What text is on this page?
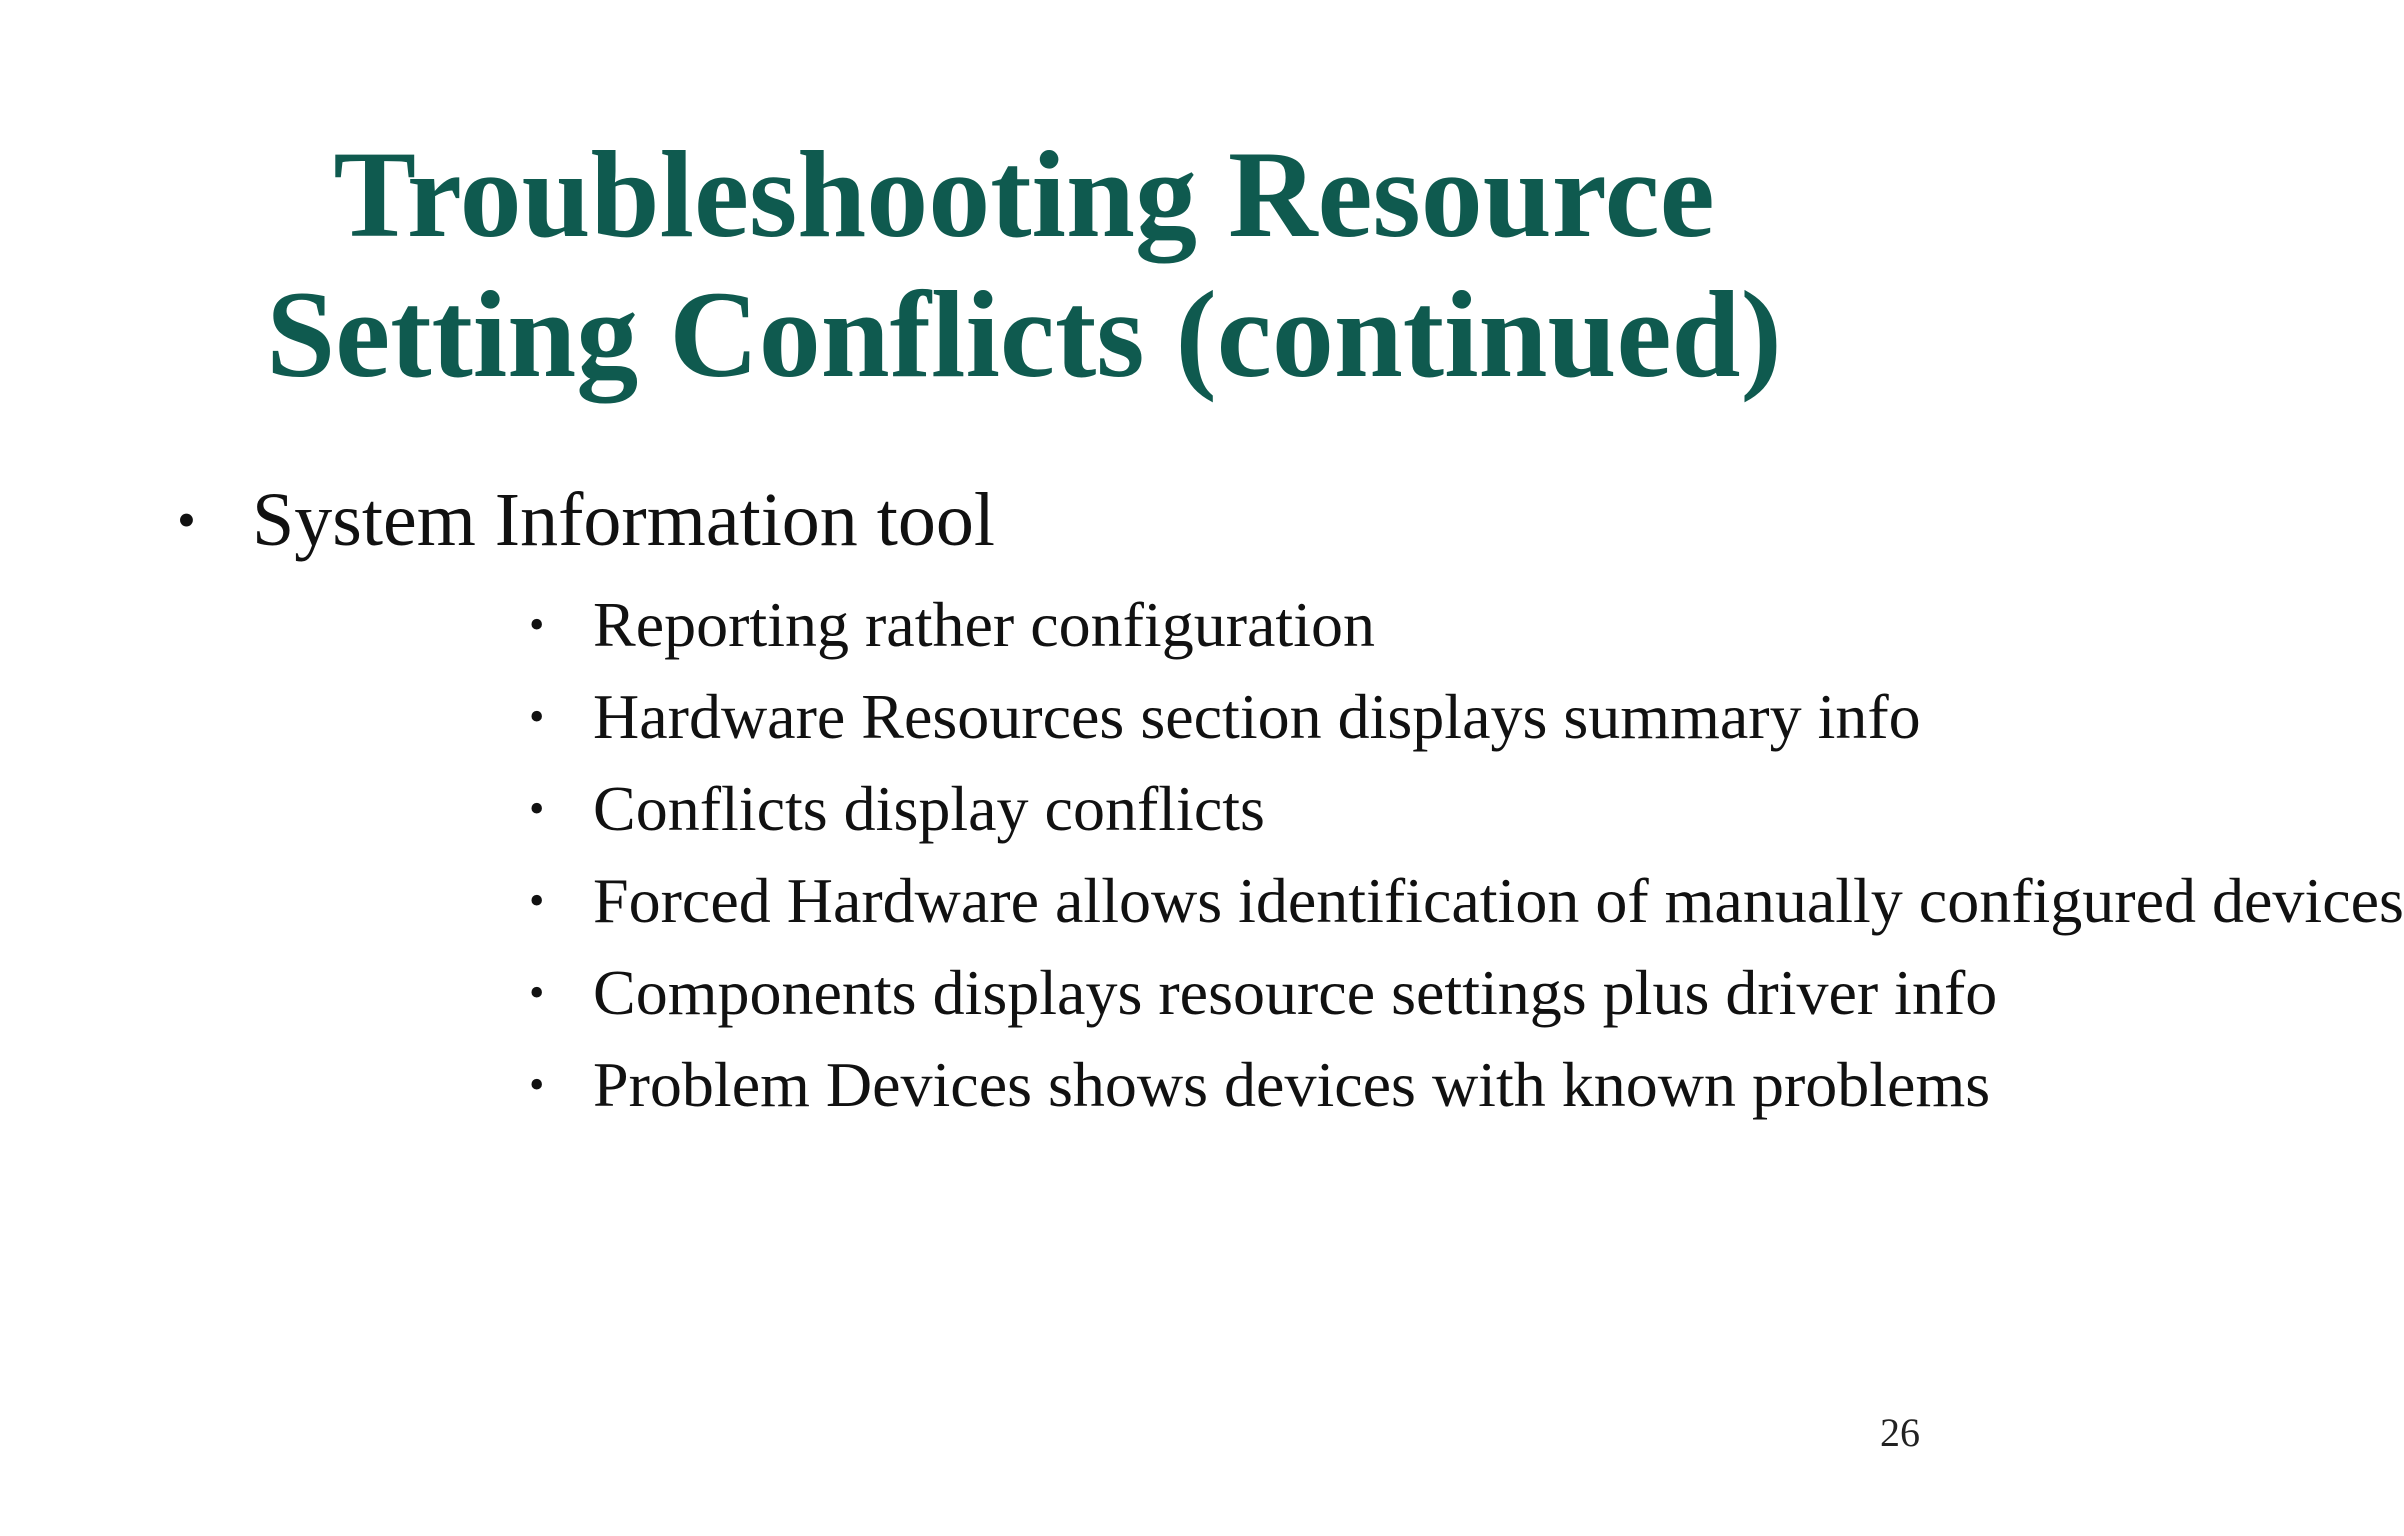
Troubleshooting Resource
Setting Conflicts (continued)
• System Information tool
• Reporting rather configuration
• Hardware Resources section displays summary info
• Conflicts display conflicts
• Forced Hardware allows identification of manually configured devices
• Components displays resource settings plus driver info
• Problem Devices shows devices with known problems
26
